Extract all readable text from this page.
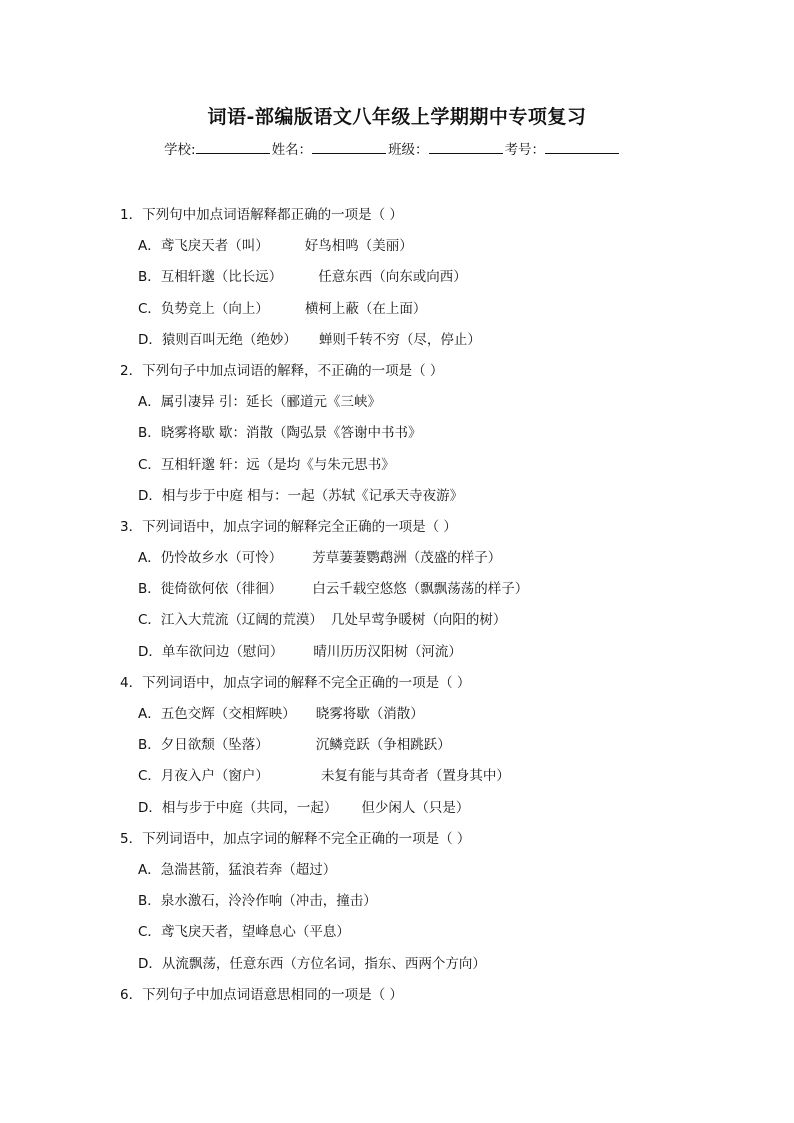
词语-部编版语文八年级上学期期中专项复习
学校:	姓名：	班级：	考号：
1．下列句中加点词语解释都正确的一项是（ ）
A．鸢飞戾天者（叫）	好鸟相鸣（美丽）
B．互相轩邈（比长远）	任意东西（向东或向西）
C．负势竞上（向上）	横柯上蔽（在上面）
D．猿则百叫无绝（绝妙） 蝉则千转不穷（尽，停止）
2．下列句子中加点词语的解释，不正确的一项是（ ）
A．属引凄异 引：延长（郦道元《三峡》
B．晓雾将歇 歇：消散（陶弘景《答谢中书书》
C．互相轩邈 轩：远（是均《与朱元思书》
D．相与步于中庭 相与：一起（苏轼《记承天寺夜游》
3．下列词语中，加点字词的解释完全正确的一项是（ ）
A．仍怜故乡水（可怜） 芳草萋萋鹦鹉洲（茂盛的样子）
B．徙倚欲何依（徘徊） 白云千载空悠悠（飘飘荡荡的样子）
C．江入大荒流（辽阔的荒漠） 几处早莺争暖树（向阳的树）
D．单车欲问边（慰问） 晴川历历汉阳树（河流）
4．下列词语中，加点字词的解释不完全正确的一项是（ ）
A．五色交辉（交相辉映） 晓雾将歇（消散）
B．夕日欲颓（坠落）	沉鳞竞跃（争相跳跃）
C．月夜入户（窗户）	未复有能与其奇者（置身其中）
D．相与步于中庭（共同，一起） 但少闲人（只是）
5．下列词语中，加点字词的解释不完全正确的一项是（ ）
A．急湍甚箭，猛浪若奔（超过）
B．泉水激石，泠泠作响（冲击，撞击）
C．鸢飞戾天者，望峰息心（平息）
D．从流飘荡，任意东西（方位名词，指东、西两个方向）
6．下列句子中加点词语意思相同的一项是（ ）
